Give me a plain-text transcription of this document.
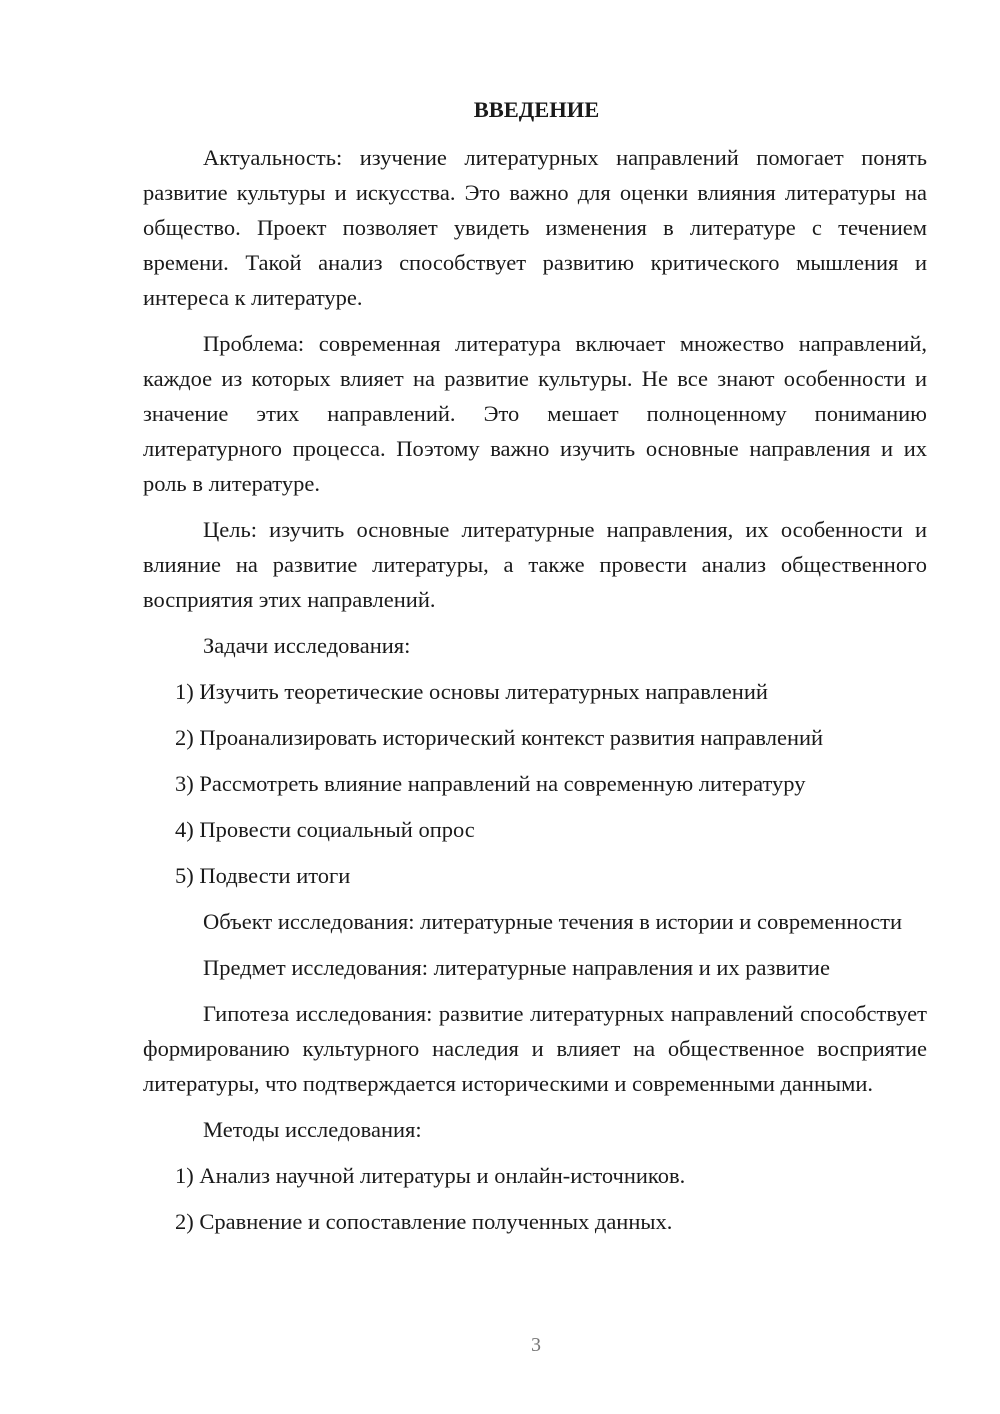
ВВЕДЕНИЕ

Актуальность: изучение литературных направлений помогает понять развитие культуры и искусства. Это важно для оценки влияния литературы на общество. Проект позволяет увидеть изменения в литературе с течением времени. Такой анализ способствует развитию критического мышления и интереса к литературе.

Проблема: современная литература включает множество направлений, каждое из которых влияет на развитие культуры. Не все знают особенности и значение этих направлений. Это мешает полноценному пониманию литературного процесса. Поэтому важно изучить основные направления и их роль в литературе.

Цель: изучить основные литературные направления, их особенности и влияние на развитие литературы, а также провести анализ общественного восприятия этих направлений.

Задачи исследования:

1) Изучить теоретические основы литературных направлений
2) Проанализировать исторический контекст развития направлений
3) Рассмотреть влияние направлений на современную литературу
4) Провести социальный опрос
5) Подвести итоги

Объект исследования: литературные течения в истории и современности

Предмет исследования: литературные направления и их развитие

Гипотеза исследования: развитие литературных направлений способствует формированию культурного наследия и влияет на общественное восприятие литературы, что подтверждается историческими и современными данными.

Методы исследования:

1) Анализ научной литературы и онлайн-источников.
2) Сравнение и сопоставление полученных данных.
3
